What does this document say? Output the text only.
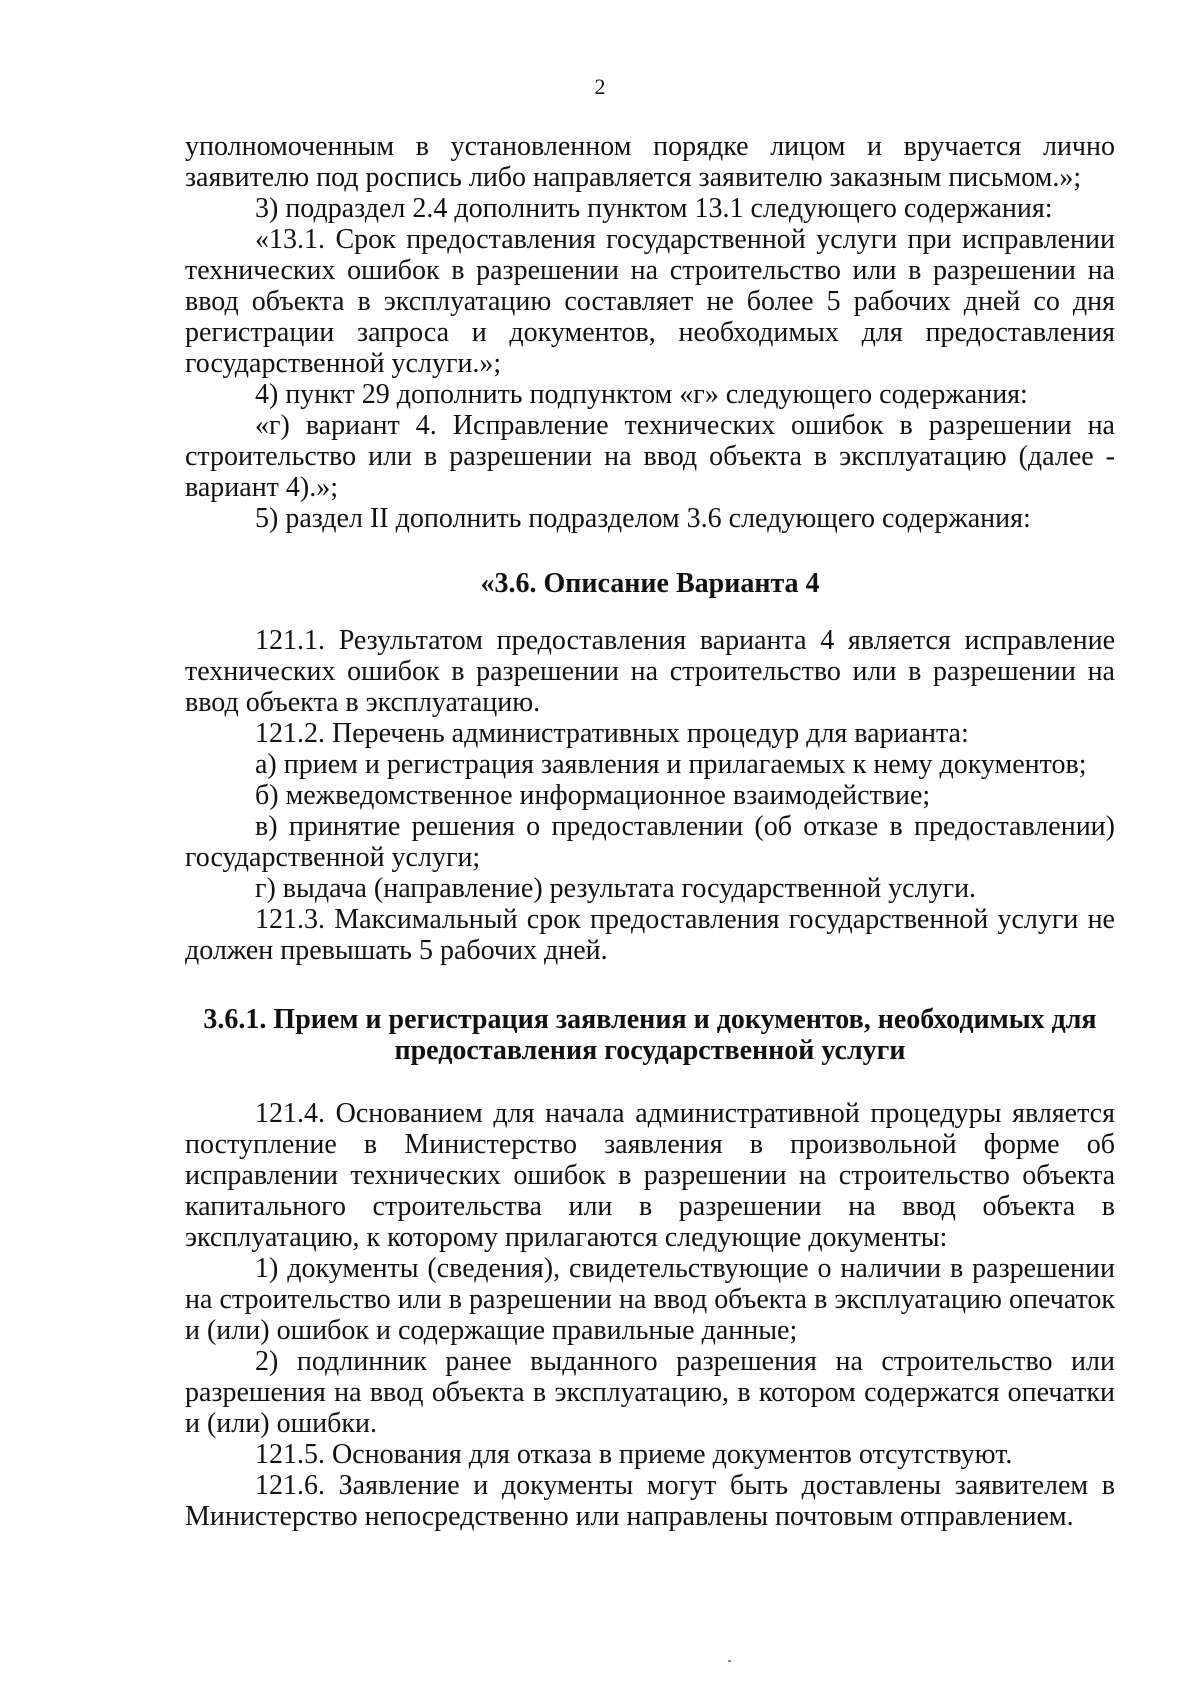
2

уполномоченным в установленном порядке лицом и вручается лично заявителю под роспись либо направляется заявителю заказным письмом.»;

3) подраздел 2.4 дополнить пунктом 13.1 следующего содержания:

«13.1. Срок предоставления государственной услуги при исправлении технических ошибок в разрешении на строительство или в разрешении на ввод объекта в эксплуатацию составляет не более 5 рабочих дней со дня регистрации запроса и документов, необходимых для предоставления государственной услуги.»;

4) пункт 29 дополнить подпунктом «г» следующего содержания:

«г) вариант 4. Исправление технических ошибок в разрешении на строительство или в разрешении на ввод объекта в эксплуатацию (далее - вариант 4).»;

5) раздел II дополнить подразделом 3.6 следующего содержания:

«3.6. Описание Варианта 4

121.1. Результатом предоставления варианта 4 является исправление технических ошибок в разрешении на строительство или в разрешении на ввод объекта в эксплуатацию.

121.2. Перечень административных процедур для варианта:

а) прием и регистрация заявления и прилагаемых к нему документов;

б) межведомственное информационное взаимодействие;

в) принятие решения о предоставлении (об отказе в предоставлении) государственной услуги;

г) выдача (направление) результата государственной услуги.

121.3. Максимальный срок предоставления государственной услуги не должен превышать 5 рабочих дней.

3.6.1. Прием и регистрация заявления и документов, необходимых для предоставления государственной услуги

121.4. Основанием для начала административной процедуры является поступление в Министерство заявления в произвольной форме об исправлении технических ошибок в разрешении на строительство объекта капитального строительства или в разрешении на ввод объекта в эксплуатацию, к которому прилагаются следующие документы:

1) документы (сведения), свидетельствующие о наличии в разрешении на строительство или в разрешении на ввод объекта в эксплуатацию опечаток и (или) ошибок и содержащие правильные данные;

2) подлинник ранее выданного разрешения на строительство или разрешения на ввод объекта в эксплуатацию, в котором содержатся опечатки и (или) ошибки.

121.5. Основания для отказа в приеме документов отсутствуют.

121.6. Заявление и документы могут быть доставлены заявителем в Министерство непосредственно или направлены почтовым отправлением.
